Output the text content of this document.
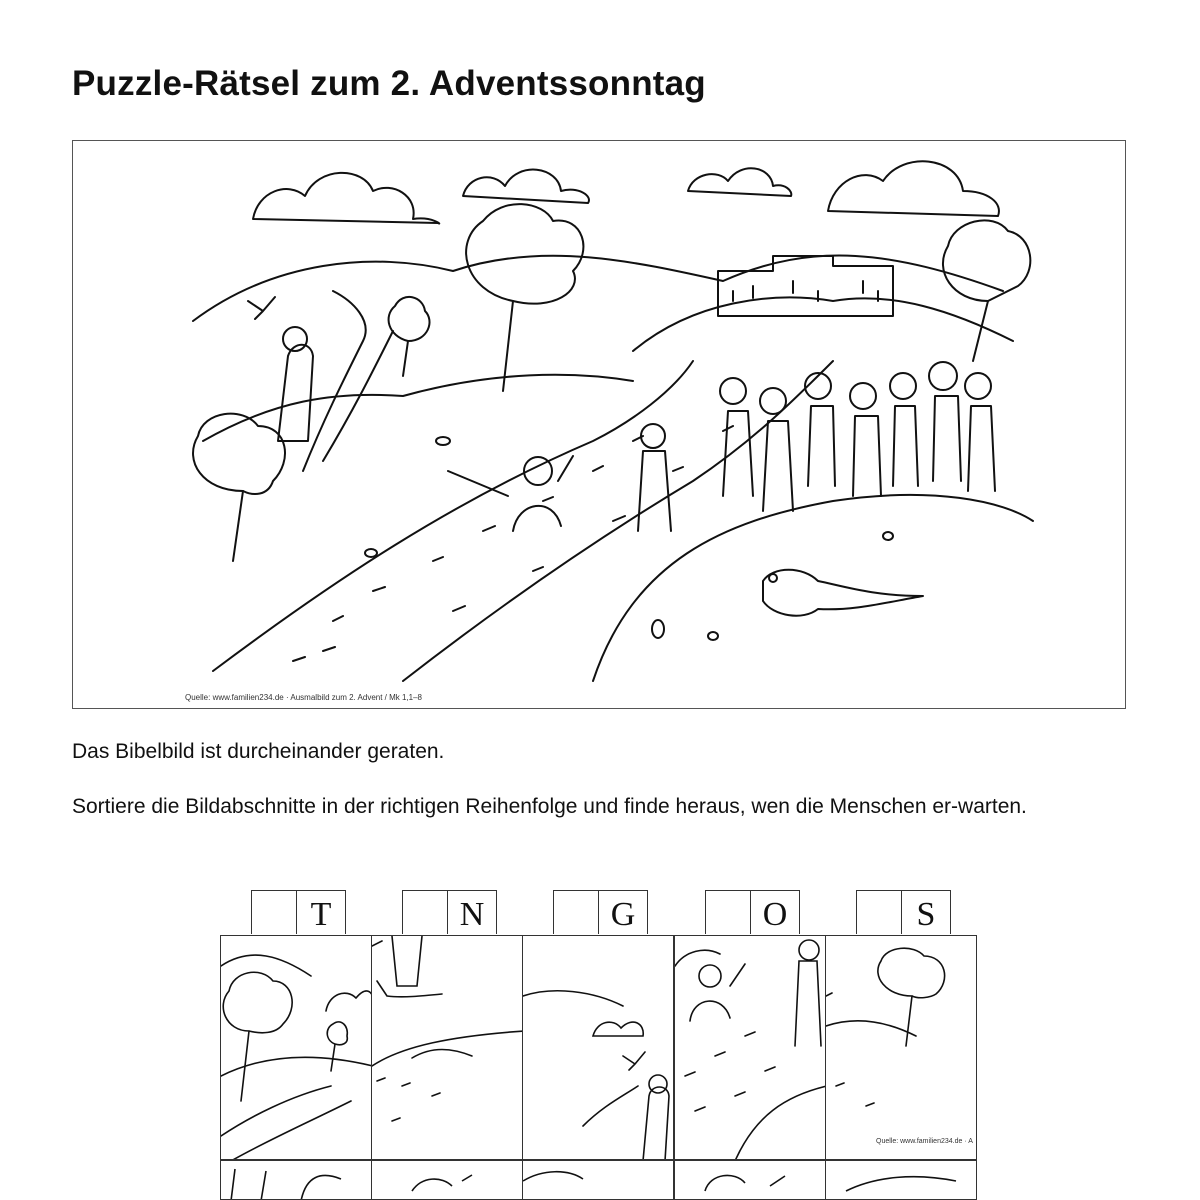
Puzzle-Rätsel zum 2. Adventssonntag
Quelle: www.familien234.de · Ausmalbild zum 2. Advent / Mk 1,1–8

Das Bibelbild ist durcheinander geraten.

Sortiere die Bildabschnitte in der richtigen Reihenfolge und finde heraus, wen die Menschen er-warten.

T	N	G	O	S
Quelle: www.familien234.de · A
